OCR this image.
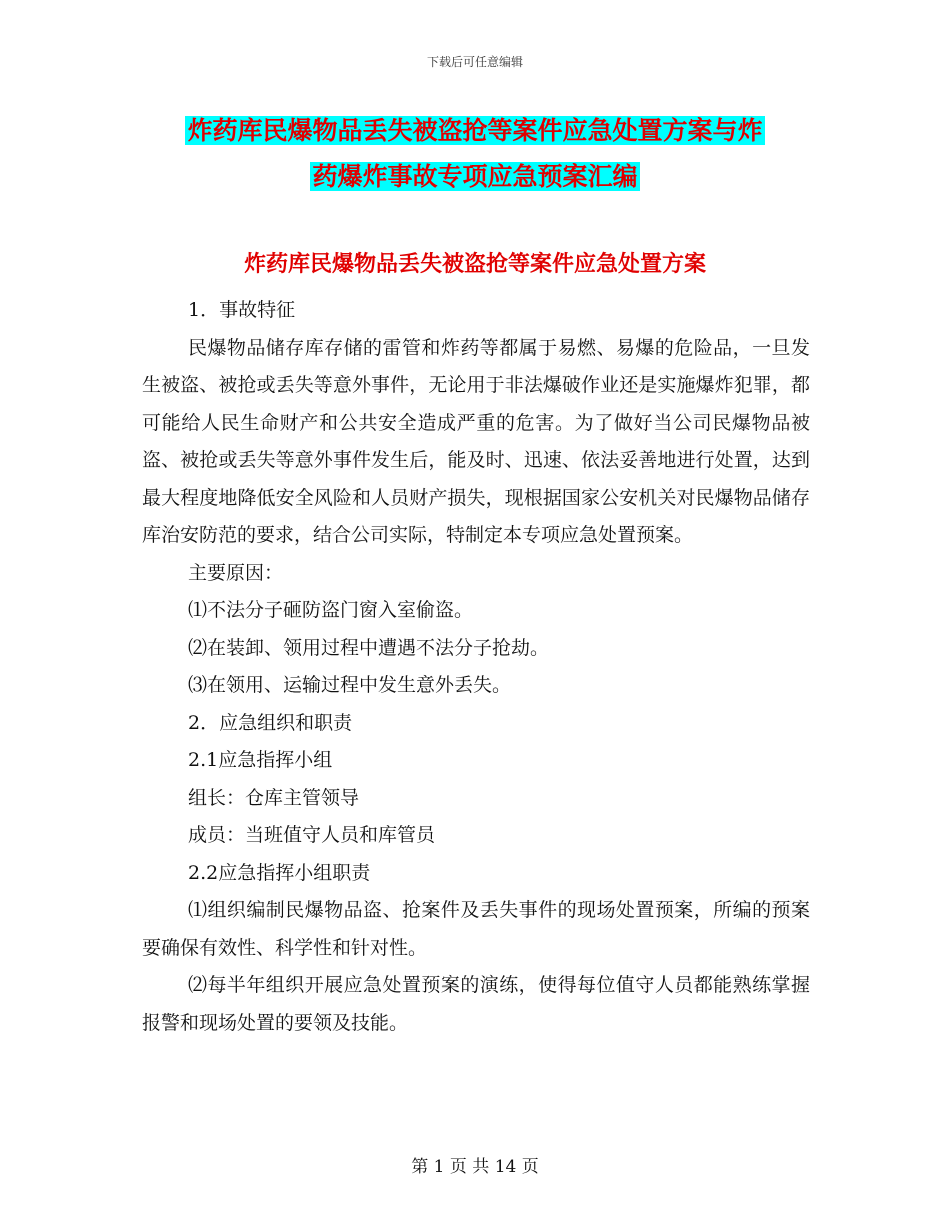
下载后可任意编辑
炸药库民爆物品丢失被盗抢等案件应急处置方案与炸
药爆炸事故专项应急预案汇编
炸药库民爆物品丢失被盗抢等案件应急处置方案

1．事故特征

民爆物品储存库存储的雷管和炸药等都属于易燃、易爆的危险品，一旦发生被盗、被抢或丢失等意外事件，无论用于非法爆破作业还是实施爆炸犯罪，都可能给人民生命财产和公共安全造成严重的危害。为了做好当公司民爆物品被盗、被抢或丢失等意外事件发生后，能及时、迅速、依法妥善地进行处置，达到最大程度地降低安全风险和人员财产损失，现根据国家公安机关对民爆物品储存库治安防范的要求，结合公司实际，特制定本专项应急处置预案。

主要原因：

⑴不法分子砸防盗门窗入室偷盗。

⑵在装卸、领用过程中遭遇不法分子抢劫。

⑶在领用、运输过程中发生意外丢失。

2．应急组织和职责

2.1应急指挥小组

组长：仓库主管领导

成员：当班值守人员和库管员

2.2应急指挥小组职责

⑴组织编制民爆物品盗、抢案件及丢失事件的现场处置预案，所编的预案要确保有效性、科学性和针对性。

⑵每半年组织开展应急处置预案的演练，使得每位值守人员都能熟练掌握报警和现场处置的要领及技能。

第 1 页 共 14 页
